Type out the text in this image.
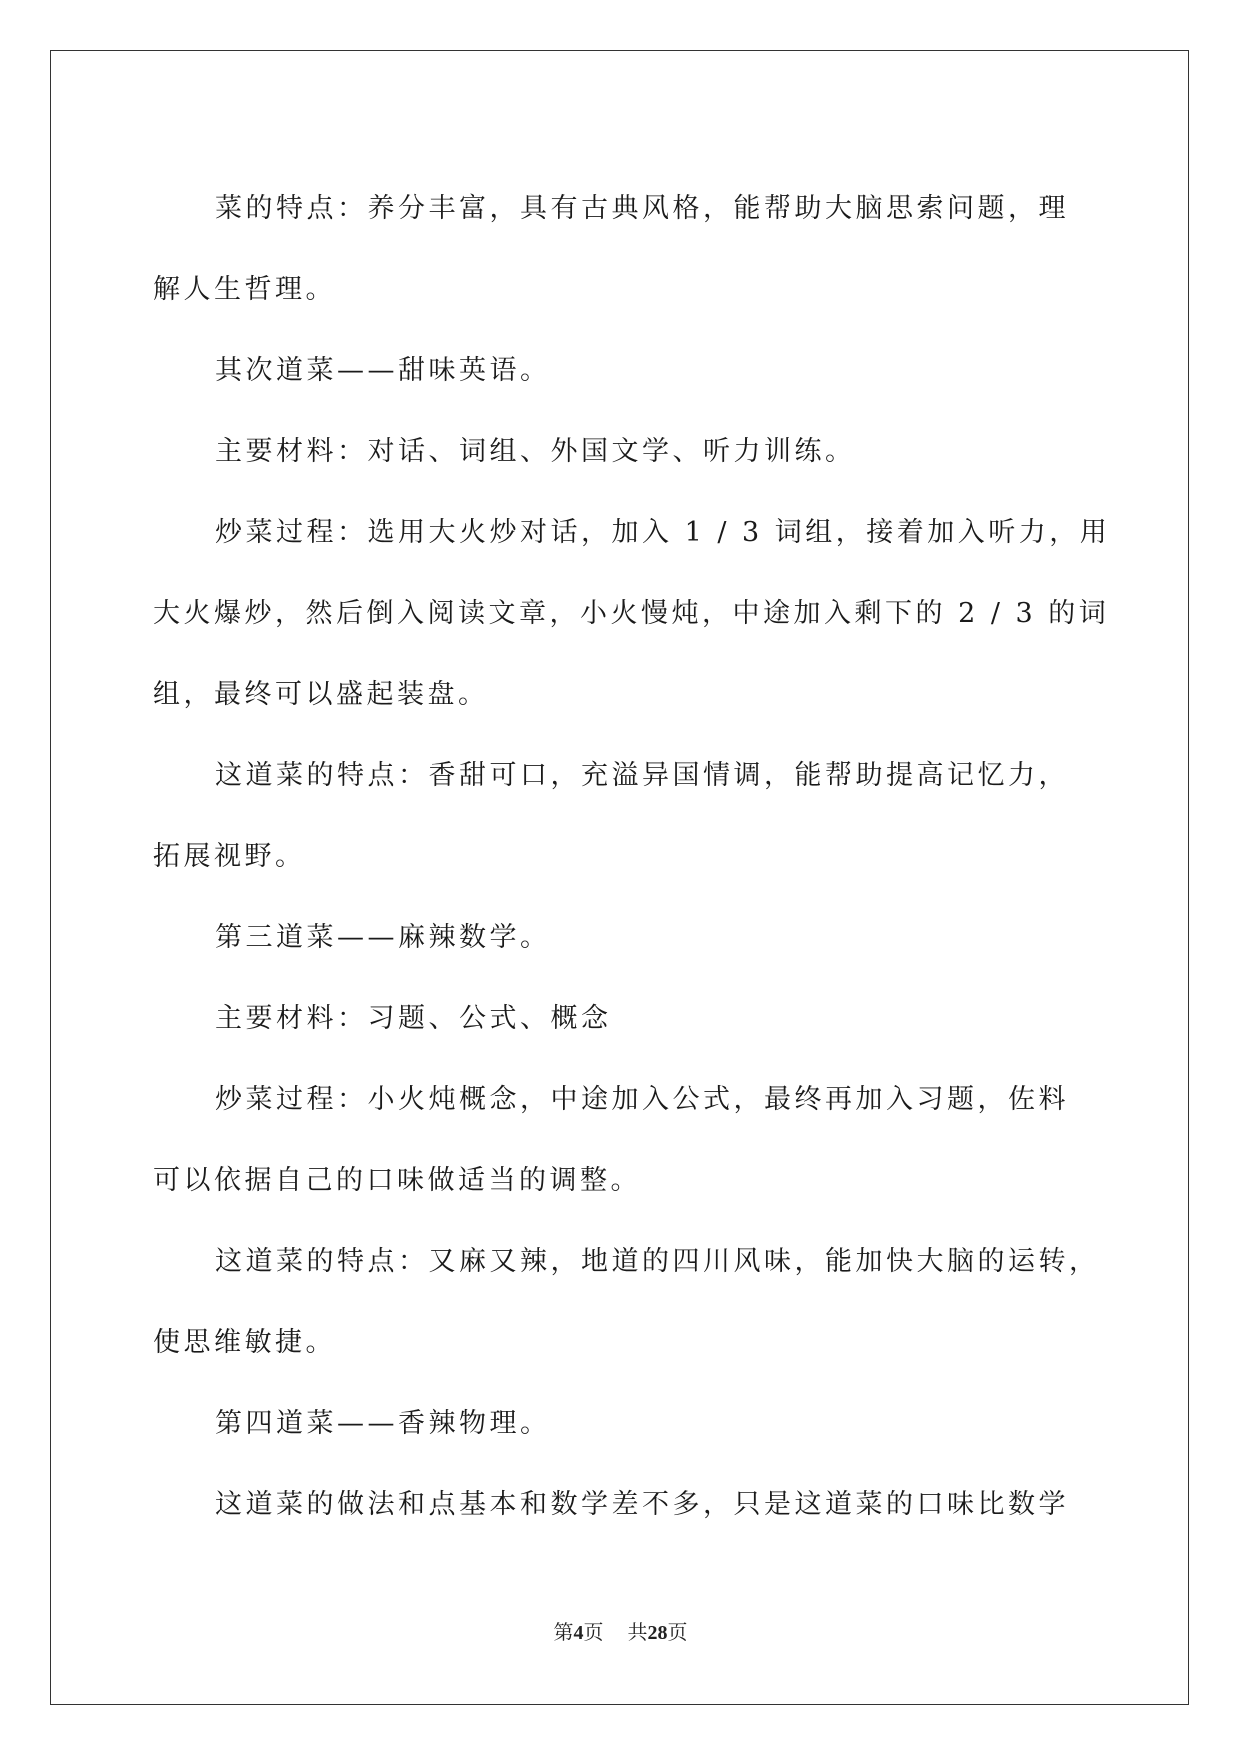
菜的特点：养分丰富，具有古典风格，能帮助大脑思索问题，理
解人生哲理。
其次道菜——甜味英语。
主要材料：对话、词组、外国文学、听力训练。
炒菜过程：选用大火炒对话，加入 1 / 3 词组，接着加入听力，用
大火爆炒，然后倒入阅读文章，小火慢炖，中途加入剩下的 2 / 3 的词
组，最终可以盛起装盘。
这道菜的特点：香甜可口，充溢异国情调，能帮助提高记忆力，
拓展视野。
第三道菜——麻辣数学。
主要材料：习题、公式、概念
炒菜过程：小火炖概念，中途加入公式，最终再加入习题，佐料
可以依据自己的口味做适当的调整。
这道菜的特点：又麻又辣，地道的四川风味，能加快大脑的运转，
使思维敏捷。
第四道菜——香辣物理。
这道菜的做法和点基本和数学差不多，只是这道菜的口味比数学
第4页 共28页
